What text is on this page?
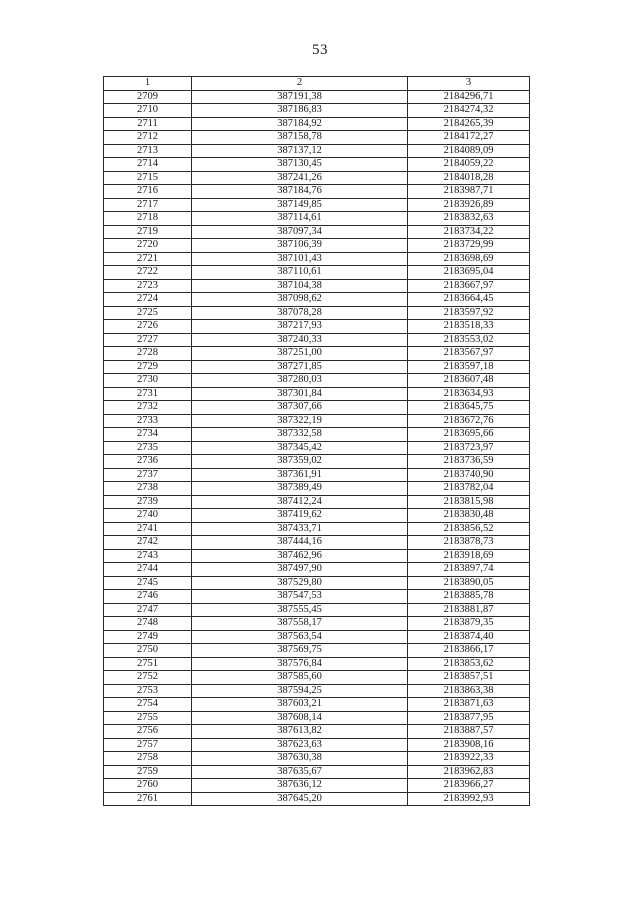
53
1	2	3
2709	387191,38	2184296,71
2710	387186,83	2184274,32
2711	387184,92	2184265,39
2712	387158,78	2184172,27
2713	387137,12	2184089,09
2714	387130,45	2184059,22
2715	387241,26	2184018,28
2716	387184,76	2183987,71
2717	387149,85	2183926,89
2718	387114,61	2183832,63
2719	387097,34	2183734,22
2720	387106,39	2183729,99
2721	387101,43	2183698,69
2722	387110,61	2183695,04
2723	387104,38	2183667,97
2724	387098,62	2183664,45
2725	387078,28	2183597,92
2726	387217,93	2183518,33
2727	387240,33	2183553,02
2728	387251,00	2183567,97
2729	387271,85	2183597,18
2730	387280,03	2183607,48
2731	387301,84	2183634,93
2732	387307,66	2183645,75
2733	387322,19	2183672,76
2734	387332,58	2183695,66
2735	387345,42	2183723,97
2736	387359,02	2183736,59
2737	387361,91	2183740,90
2738	387389,49	2183782,04
2739	387412,24	2183815,98
2740	387419,62	2183830,48
2741	387433,71	2183856,52
2742	387444,16	2183878,73
2743	387462,96	2183918,69
2744	387497,90	2183897,74
2745	387529,80	2183890,05
2746	387547,53	2183885,78
2747	387555,45	2183881,87
2748	387558,17	2183879,35
2749	387563,54	2183874,40
2750	387569,75	2183866,17
2751	387576,84	2183853,62
2752	387585,60	2183857,51
2753	387594,25	2183863,38
2754	387603,21	2183871,63
2755	387608,14	2183877,95
2756	387613,82	2183887,57
2757	387623,63	2183908,16
2758	387630,38	2183922,33
2759	387635,67	2183962,83
2760	387636,12	2183966,27
2761	387645,20	2183992,93
